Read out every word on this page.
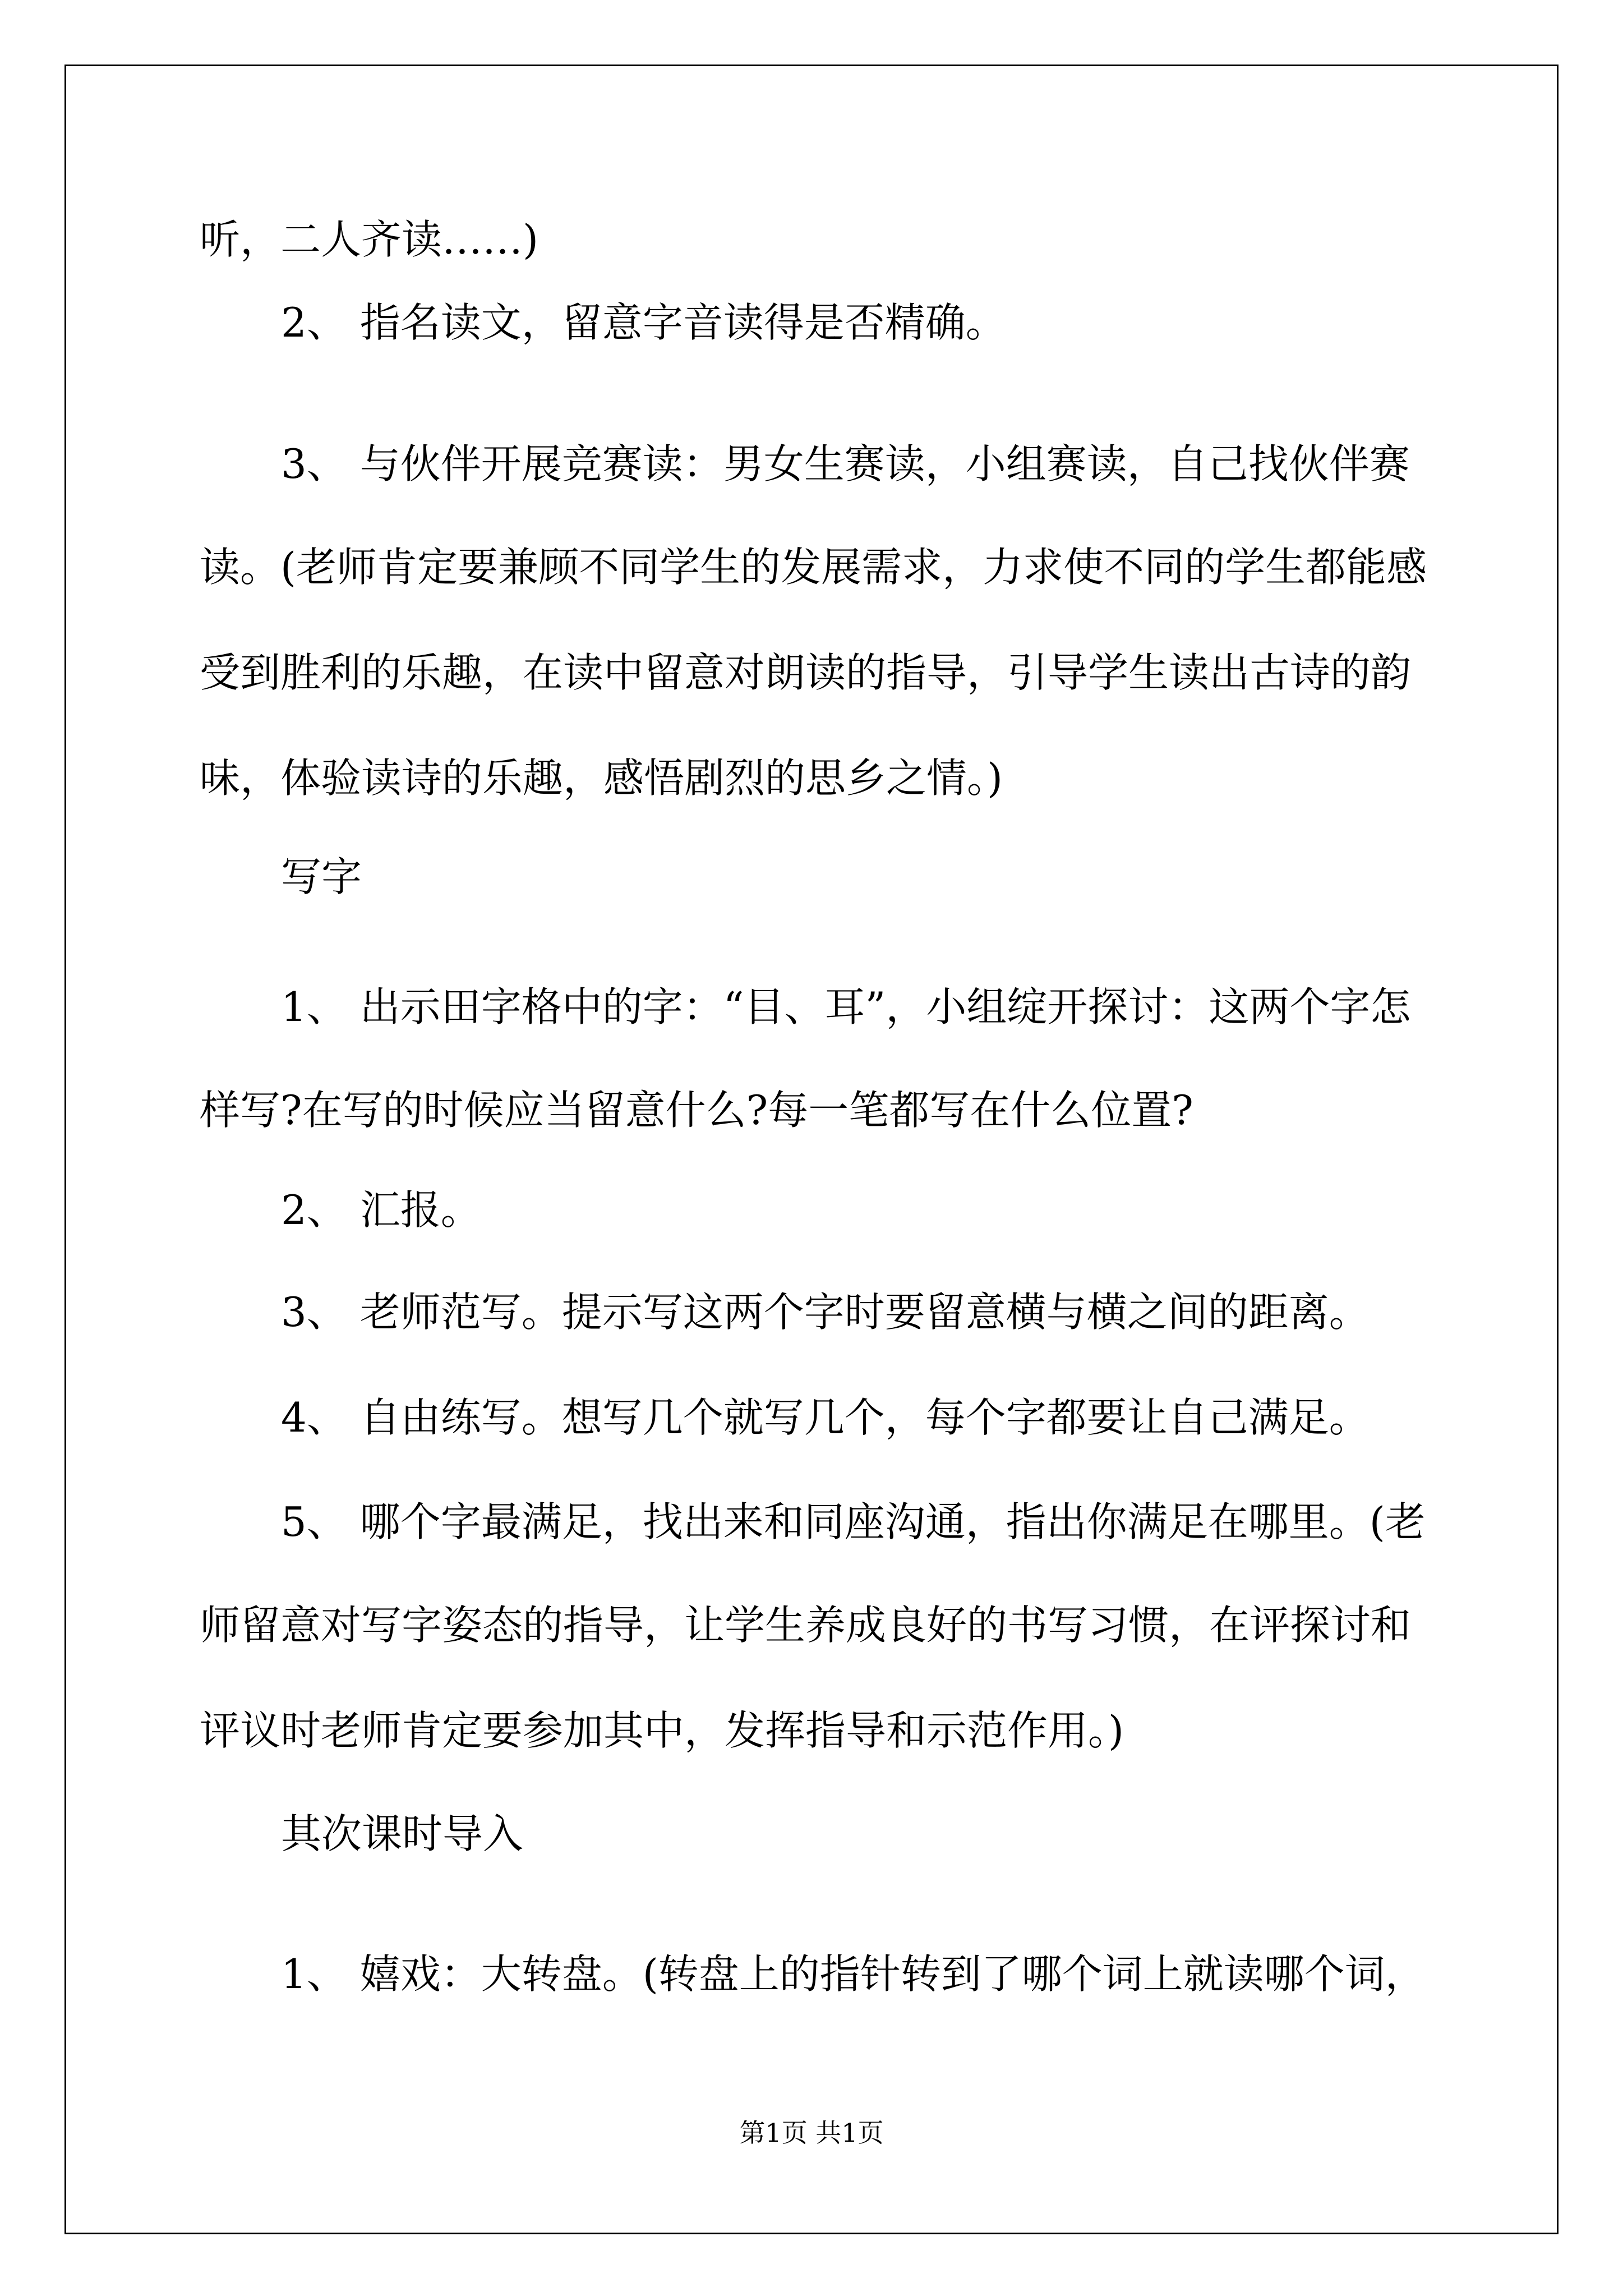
听，二人齐读……)
2、 指名读文，留意字音读得是否精确。
3、 与伙伴开展竞赛读：男女生赛读，小组赛读，自己找伙伴赛
读。(老师肯定要兼顾不同学生的发展需求，力求使不同的学生都能感
受到胜利的乐趣，在读中留意对朗读的指导，引导学生读出古诗的韵
味，体验读诗的乐趣，感悟剧烈的思乡之情。)
写字
1、 出示田字格中的字：“目、耳”，小组绽开探讨：这两个字怎
样写?在写的时候应当留意什么?每一笔都写在什么位置?
2、 汇报。
3、 老师范写。提示写这两个字时要留意横与横之间的距离。
4、 自由练写。想写几个就写几个，每个字都要让自己满足。
5、 哪个字最满足，找出来和同座沟通，指出你满足在哪里。(老
师留意对写字姿态的指导，让学生养成良好的书写习惯，在评探讨和
评议时老师肯定要参加其中，发挥指导和示范作用。)
其次课时导入
1、 嬉戏：大转盘。(转盘上的指针转到了哪个词上就读哪个词，
第1页 共1页
